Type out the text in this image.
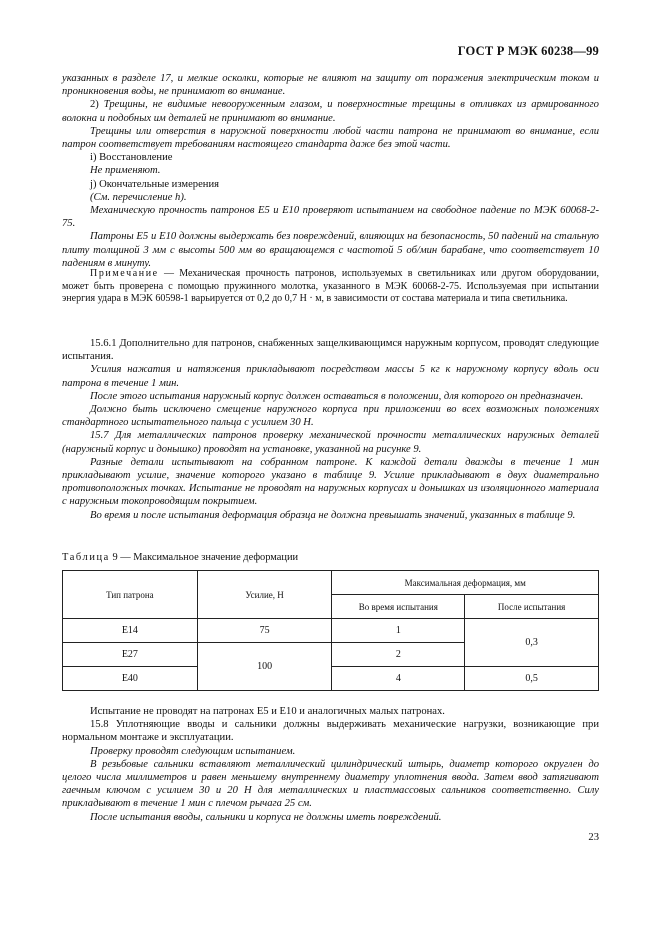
ГОСТ Р МЭК 60238—99

указанных в разделе 17, и мелкие осколки, которые не влияют на защиту от поражения электрическим током и проникновения воды, не принимают во внимание.

2) Трещины, не видимые невооруженным глазом, и поверхностные трещины в отливках из армированного волокна и подобных им деталей не принимают во внимание.

Трещины или отверстия в наружной поверхности любой части патрона не принимают во внимание, если патрон соответствует требованиям настоящего стандарта даже без этой части.

i) Восстановление

Не применяют.

j) Окончательные измерения

(См. перечисление h).

Механическую прочность патронов Е5 и Е10 проверяют испытанием на свободное падение по МЭК 60068-2-75.

Патроны Е5 и Е10 должны выдержать без повреждений, влияющих на безопасность, 50 падений на стальную плиту толщиной 3 мм с высоты 500 мм во вращающемся с частотой 5 об/мин барабане, что соответствует 10 падениям в минуту.

Примечание — Механическая прочность патронов, используемых в светильниках или другом оборудовании, может быть проверена с помощью пружинного молотка, указанного в МЭК 60068-2-75. Используемая при испытании энергия удара в МЭК 60598-1 варьируется от 0,2 до 0,7 Н · м, в зависимости от состава материала и типа светильника.

15.6.1 Дополнительно для патронов, снабженных защелкивающимся наружным корпусом, проводят следующие испытания.

Усилия нажатия и натяжения прикладывают посредством массы 5 кг к наружному корпусу вдоль оси патрона в течение 1 мин.

После этого испытания наружный корпус должен оставаться в положении, для которого он предназначен.

Должно быть исключено смещение наружного корпуса при приложении во всех возможных положениях стандартного испытательного пальца с усилием 30 Н.

15.7 Для металлических патронов проверку механической прочности металлических наружных деталей (наружный корпус и донышко) проводят на установке, указанной на рисунке 9.

Разные детали испытывают на собранном патроне. К каждой детали дважды в течение 1 мин прикладывают усилие, значение которого указано в таблице 9. Усилие прикладывают в двух диаметрально противоположных точках. Испытание не проводят на наружных корпусах и донышках из изоляционного материала с наружным токопроводящим покрытием.

Во время и после испытания деформация образца не должна превышать значений, указанных в таблице 9.

Таблица 9 — Максимальное значение деформации
Тип патрона	Усилие, Н	Максимальная деформация, мм	
		Во время испытания	После испытания
Е14	75	1	0,3
Е27	100	2	
Е40		4	0,5

Испытание не проводят на патронах Е5 и Е10 и аналогичных малых патронах.

15.8 Уплотняющие вводы и сальники должны выдерживать механические нагрузки, возникающие при нормальном монтаже и эксплуатации.

Проверку проводят следующим испытанием.

В резьбовые сальники вставляют металлический цилиндрический штырь, диаметр которого округлен до целого числа миллиметров и равен меньшему внутреннему диаметру уплотнения ввода. Затем ввод затягивают гаечным ключом с усилием 30 и 20 Н для металлических и пластмассовых сальников соответственно. Силу прикладывают в течение 1 мин с плечом рычага 25 см.

После испытания вводы, сальники и корпуса не должны иметь повреждений.

23
